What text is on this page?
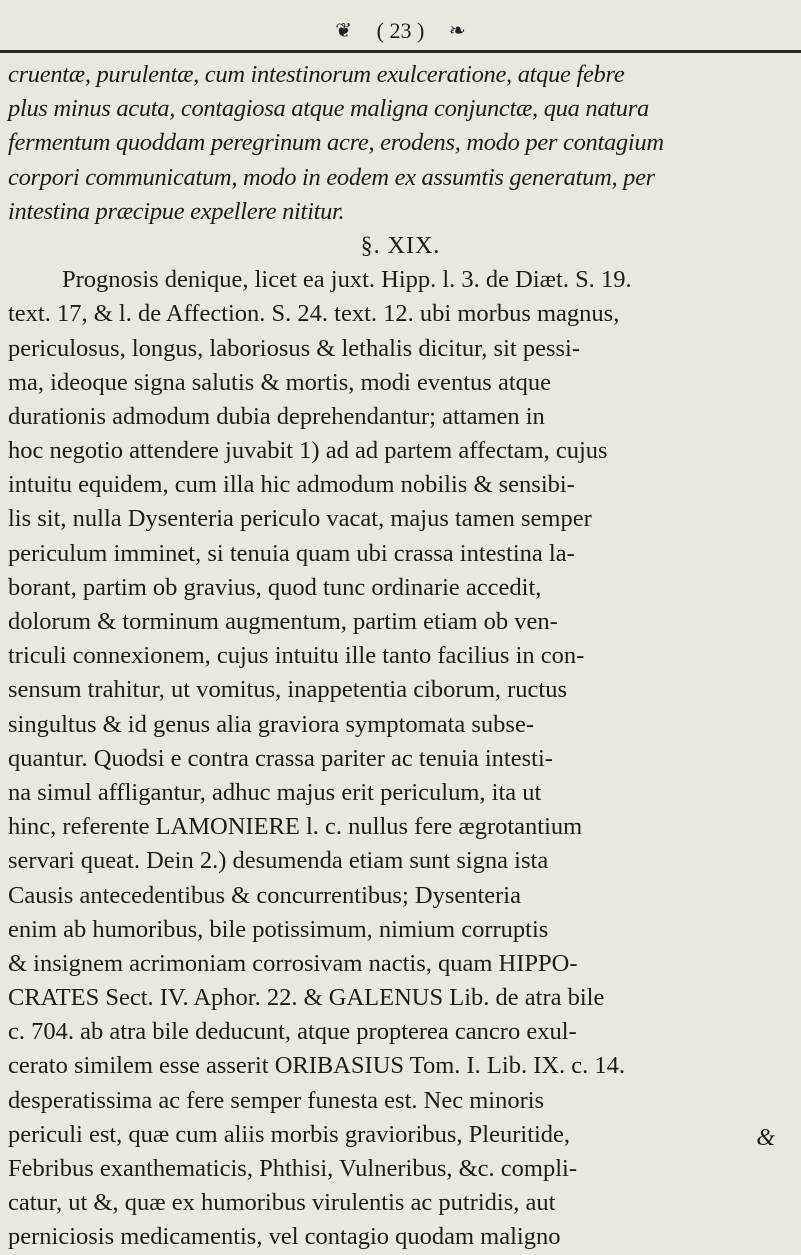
❦	( 23 )	❧
cruentæ, purulentæ, cum intestinorum exulceratione, atque febre
plus minus acuta, contagiosa atque maligna conjunctæ, qua natura
fermentum quoddam peregrinum acre, erodens, modo per contagium
corpori communicatum, modo in eodem ex assumtis generatum, per
intestina præcipue expellere nititur.
§. XIX.
Prognosis denique, licet ea juxt. Hipp. l. 3. de Diæt. S. 19.
text. 17, & l. de Affection. S. 24. text. 12. ubi morbus magnus,
periculosus, longus, laboriosus & lethalis dicitur, sit pessi-
ma, ideoque signa salutis & mortis, modi eventus atque
durationis admodum dubia deprehendantur; attamen in
hoc negotio attendere juvabit 1) ad ad partem affectam, cujus
intuitu equidem, cum illa hic admodum nobilis & sensibi-
lis sit, nulla Dysenteria periculo vacat, majus tamen semper
periculum imminet, si tenuia quam ubi crassa intestina la-
borant, partim ob gravius, quod tunc ordinarie accedit,
dolorum & torminum augmentum, partim etiam ob ven-
triculi connexionem, cujus intuitu ille tanto facilius in con-
sensum trahitur, ut vomitus, inappetentia ciborum, ructus
singultus & id genus alia graviora symptomata subse-
quantur. Quodsi e contra crassa pariter ac tenuia intesti-
na simul affligantur, adhuc majus erit periculum, ita ut
hinc, referente LAMONIERE l. c. nullus fere ægrotantium
servari queat. Dein 2.) desumenda etiam sunt signa ista
Causis antecedentibus & concurrentibus; Dysenteria
enim ab humoribus, bile potissimum, nimium corruptis
& insignem acrimoniam corrosivam nactis, quam HIPPO-
CRATES Sect. IV. Aphor. 22. & GALENUS Lib. de atra bile
c. 704. ab atra bile deducunt, atque propterea cancro exul-
cerato similem esse asserit ORIBASIUS Tom. I. Lib. IX. c. 14.
desperatissima ac fere semper funesta est. Nec minoris
periculi est, quæ cum aliis morbis gravioribus, Pleuritide,
Febribus exanthematicis, Phthisi, Vulneribus, &c. compli-
catur, ut &, quæ ex humoribus virulentis ac putridis, aut
perniciosis medicamentis, vel contagio quodam maligno
&
